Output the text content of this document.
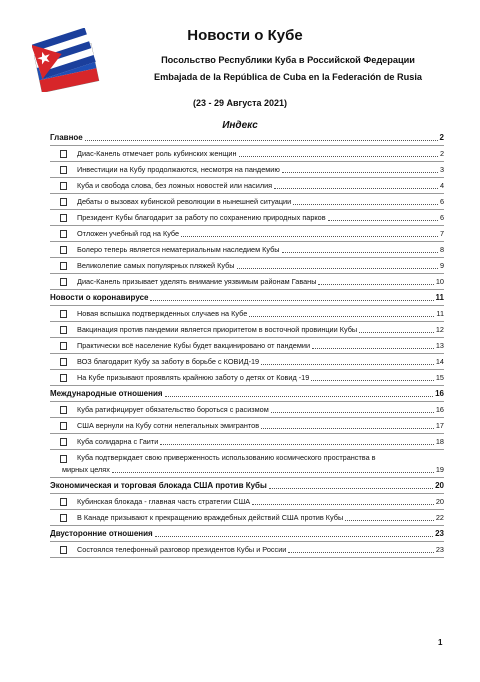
Новости о Кубе
Посольство Республики Куба в Российской Федерации
Embajada de la República de Cuba en la Federación de Rusia
(23 - 29 Августа 2021)
Индекс
Главное	2
Диас-Канель отмечает роль кубинских женщин	2
Инвестиции на Кубу продолжаются, несмотря на пандемию	3
Куба и свобода слова, без ложных новостей или насилия	4
Дебаты о вызовах кубинской революции в нынешней ситуации	6
Президент Кубы благодарит за работу по сохранению природных парков	6
Отложен учебный год на Кубе	7
Болеро теперь является нематериальным наследием Кубы	8
Великолепие самых популярных пляжей Кубы	9
Диас-Канель призывает уделять внимание уязвимым районам Гаваны	10
Новости о коронавирусе	11
Новая вспышка подтвержденных случаев на Кубе	11
Вакцинация против пандемии является приоритетом в восточной провинции Кубы	12
Практически всё население Кубы будет вакцинировано от пандемии	13
ВОЗ благодарит Кубу за заботу в борьбе с КОВИД-19	14
На Кубе призывают проявлять крайнюю заботу о детях от Ковид -19	15
Международные отношения	16
Куба ратифицирует обязательство бороться с расизмом	16
США вернули на Кубу сотни нелегальных эмигрантов	17
Куба солидарна с Гаити	18
Куба подтверждает свою приверженность использованию космического пространства в
мирных целях	19
Экономическая и торговая блокада США против Кубы	20
Кубинская блокада - главная часть стратегии США	20
В Канаде призывают к прекращению враждебных действий США против Кубы	22
Двусторонние отношения	23
Состоялся телефонный разговор президентов Кубы и России	23
1
